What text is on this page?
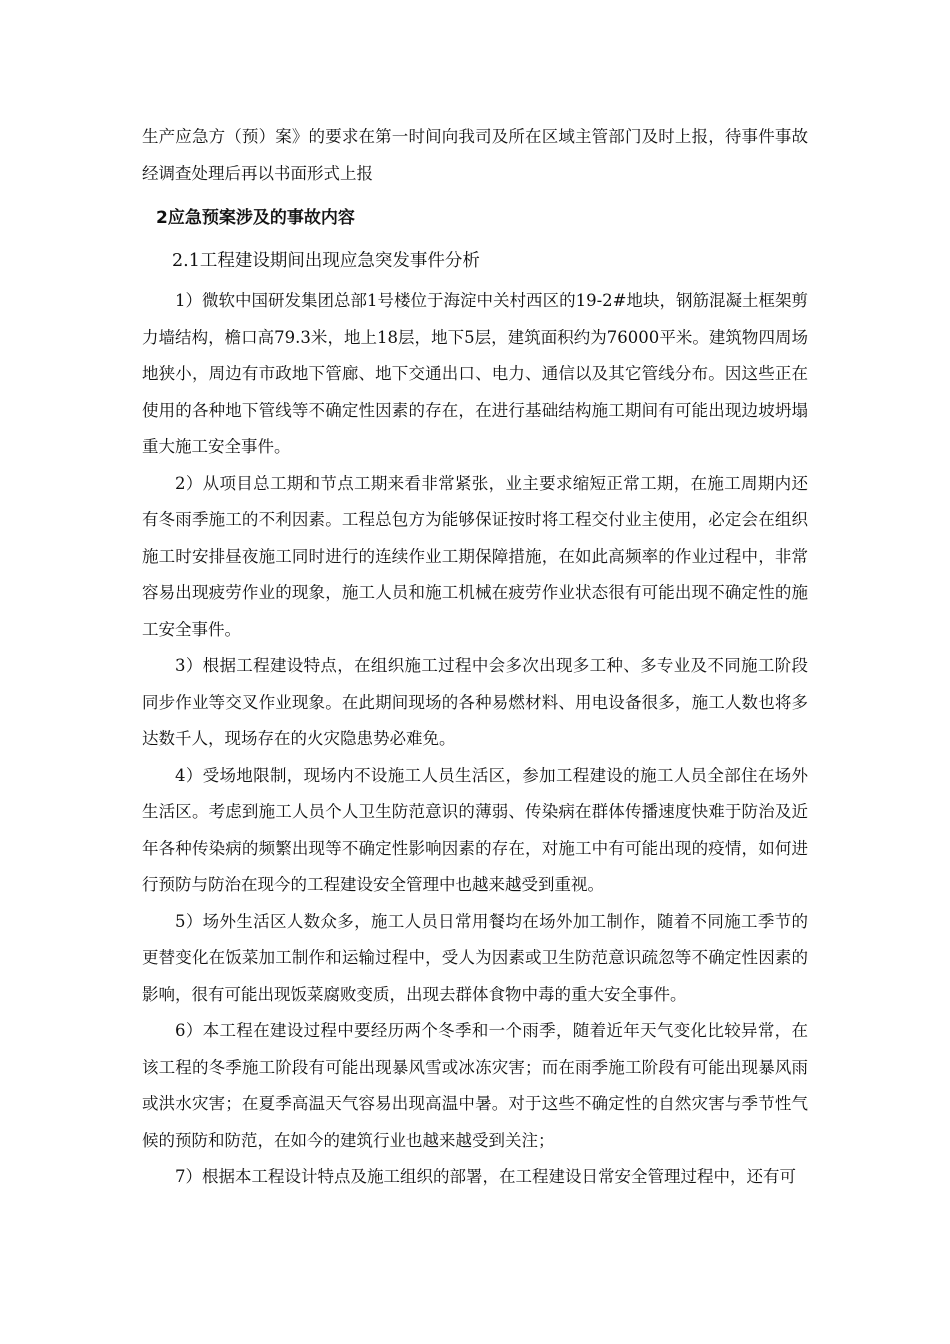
生产应急方（预）案》的要求在第一时间向我司及所在区域主管部门及时上报，待事件事故经调查处理后再以书面形式上报

2应急预案涉及的事故内容
2.1工程建设期间出现应急突发事件分析

1）微软中国研发集团总部1号楼位于海淀中关村西区的19-2#地块，钢筋混凝土框架剪力墙结构，檐口高79.3米，地上18层，地下5层，建筑面积约为76000平米。建筑物四周场地狭小，周边有市政地下管廊、地下交通出口、电力、通信以及其它管线分布。因这些正在使用的各种地下管线等不确定性因素的存在，在进行基础结构施工期间有可能出现边坡坍塌重大施工安全事件。

2）从项目总工期和节点工期来看非常紧张，业主要求缩短正常工期，在施工周期内还有冬雨季施工的不利因素。工程总包方为能够保证按时将工程交付业主使用，必定会在组织施工时安排昼夜施工同时进行的连续作业工期保障措施，在如此高频率的作业过程中，非常容易出现疲劳作业的现象，施工人员和施工机械在疲劳作业状态很有可能出现不确定性的施工安全事件。

3）根据工程建设特点，在组织施工过程中会多次出现多工种、多专业及不同施工阶段同步作业等交叉作业现象。在此期间现场的各种易燃材料、用电设备很多，施工人数也将多达数千人，现场存在的火灾隐患势必难免。

4）受场地限制，现场内不设施工人员生活区，参加工程建设的施工人员全部住在场外生活区。考虑到施工人员个人卫生防范意识的薄弱、传染病在群体传播速度快难于防治及近年各种传染病的频繁出现等不确定性影响因素的存在，对施工中有可能出现的疫情，如何进行预防与防治在现今的工程建设安全管理中也越来越受到重视。

5）场外生活区人数众多，施工人员日常用餐均在场外加工制作，随着不同施工季节的更替变化在饭菜加工制作和运输过程中，受人为因素或卫生防范意识疏忽等不确定性因素的影响，很有可能出现饭菜腐败变质，出现去群体食物中毒的重大安全事件。

6）本工程在建设过程中要经历两个冬季和一个雨季，随着近年天气变化比较异常，在该工程的冬季施工阶段有可能出现暴风雪或冰冻灾害；而在雨季施工阶段有可能出现暴风雨或洪水灾害；在夏季高温天气容易出现高温中暑。对于这些不确定性的自然灾害与季节性气候的预防和防范，在如今的建筑行业也越来越受到关注；

7）根据本工程设计特点及施工组织的部署，在工程建设日常安全管理过程中，还有可
